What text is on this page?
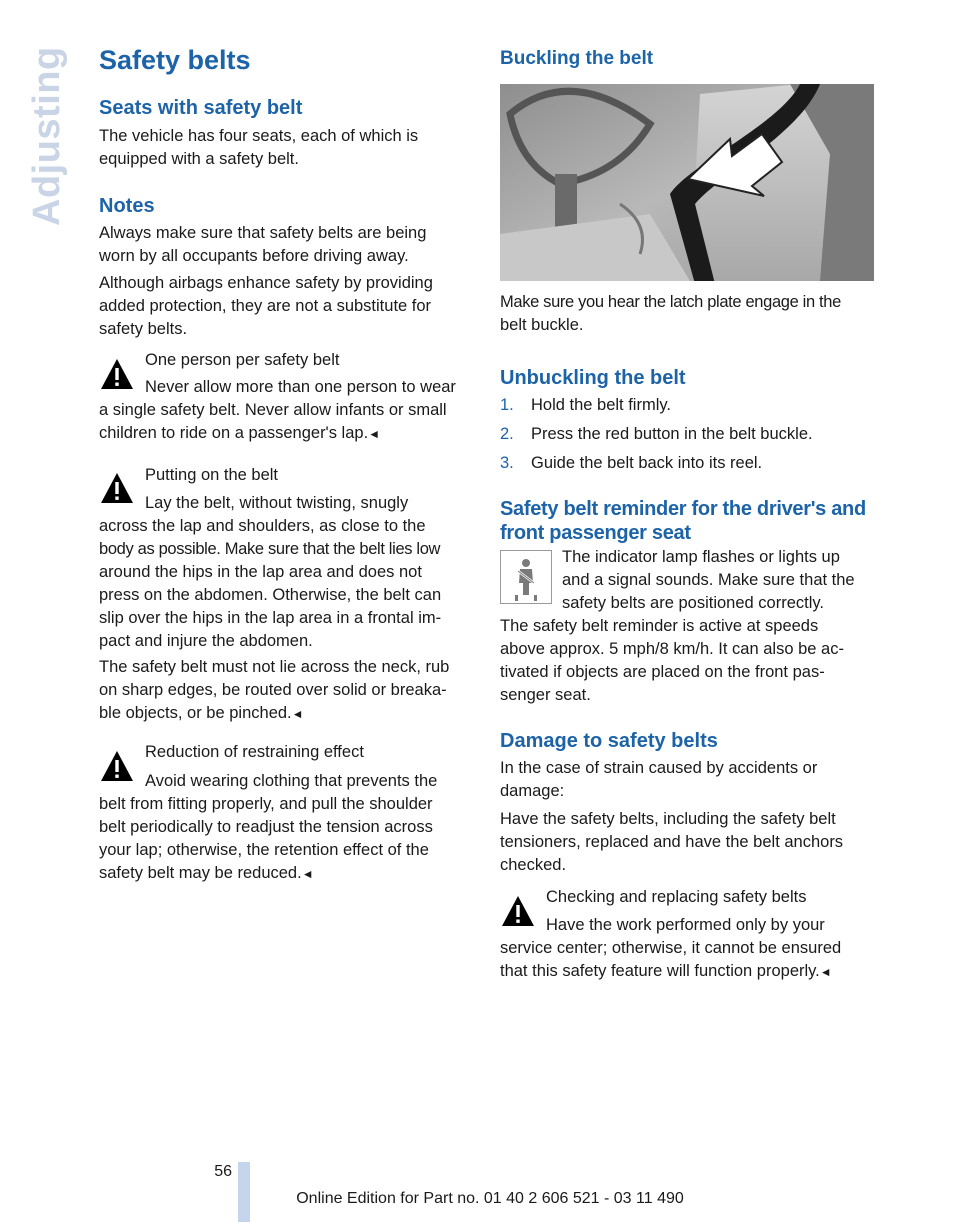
Adjusting Safety belts
Seats with safety belt
The vehicle has four seats, each of which is
equipped with a safety belt.
Notes
Always make sure that safety belts are being
worn by all occupants before driving away.
Although airbags enhance safety by providing
added protection, they are not a substitute for
safety belts.
One person per safety belt
Never allow more than one person to wear
a single safety belt. Never allow infants or small
children to ride on a passenger's lap.◄
Putting on the belt
Lay the belt, without twisting, snugly
across the lap and shoulders, as close to the
body as possible. Make sure that the belt lies low
around the hips in the lap area and does not
press on the abdomen. Otherwise, the belt can
slip over the hips in the lap area in a frontal im-
pact and injure the abdomen.
The safety belt must not lie across the neck, rub
on sharp edges, be routed over solid or breaka-
ble objects, or be pinched.◄
Reduction of restraining effect
Avoid wearing clothing that prevents the
belt from fitting properly, and pull the shoulder
belt periodically to readjust the tension across
your lap; otherwise, the retention effect of the
safety belt may be reduced.◄
Buckling the belt
Make sure you hear the latch plate engage in the
belt buckle.
Unbuckling the belt
1. Hold the belt firmly.
2. Press the red button in the belt buckle.
3. Guide the belt back into its reel.
Safety belt reminder for the driver's and
front passenger seat
The indicator lamp flashes or lights up
and a signal sounds. Make sure that the
safety belts are positioned correctly.
The safety belt reminder is active at speeds
above approx. 5 mph/8 km/h. It can also be ac-
tivated if objects are placed on the front pas-
senger seat.
Damage to safety belts
In the case of strain caused by accidents or
damage:
Have the safety belts, including the safety belt
tensioners, replaced and have the belt anchors
checked.
Checking and replacing safety belts
Have the work performed only by your
service center; otherwise, it cannot be ensured
that this safety feature will function properly.◄
56
Online Edition for Part no. 01 40 2 606 521 - 03 11 490
